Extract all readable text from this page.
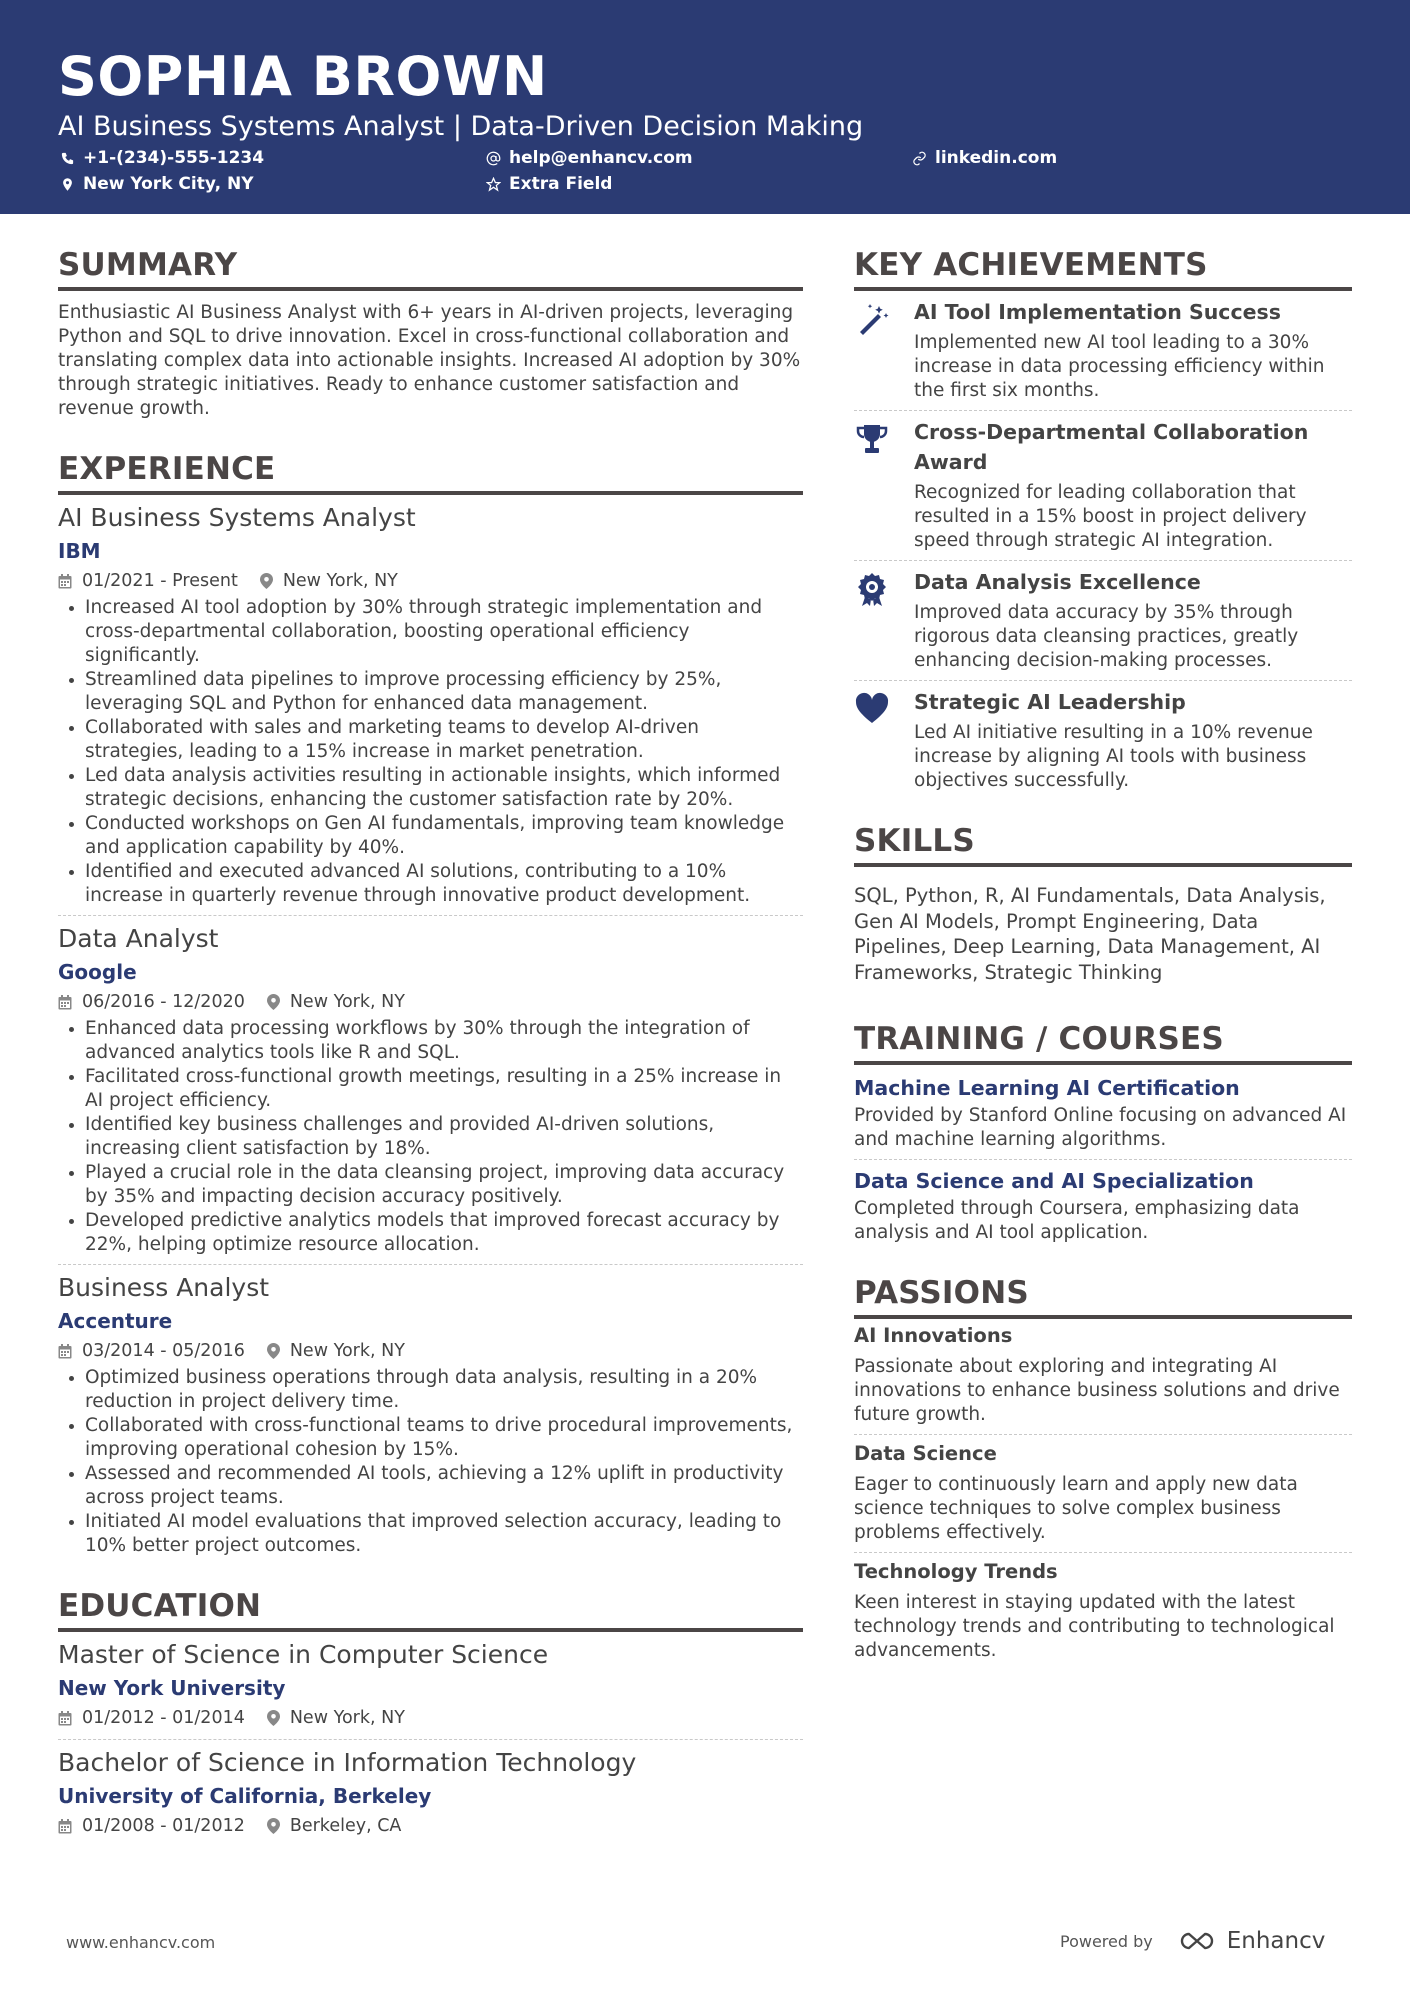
SOPHIA BROWN
AI Business Systems Analyst | Data-Driven Decision Making
+1-(234)-555-1234	help@enhancv.com	linkedin.com
New York City, NY	Extra Field
SUMMARY

Enthusiastic AI Business Analyst with 6+ years in AI-driven projects, leveraging Python and SQL to drive innovation. Excel in cross-functional collaboration and translating complex data into actionable insights. Increased AI adoption by 30% through strategic initiatives. Ready to enhance customer satisfaction and revenue growth.

EXPERIENCE
AI Business Systems Analyst
IBM
01/2021 - Present	New York, NY
Increased AI tool adoption by 30% through strategic implementation and cross-departmental collaboration, boosting operational efficiency significantly.
Streamlined data pipelines to improve processing efficiency by 25%, leveraging SQL and Python for enhanced data management.
Collaborated with sales and marketing teams to develop AI-driven strategies, leading to a 15% increase in market penetration.
Led data analysis activities resulting in actionable insights, which informed strategic decisions, enhancing the customer satisfaction rate by 20%.
Conducted workshops on Gen AI fundamentals, improving team knowledge and application capability by 40%.
Identified and executed advanced AI solutions, contributing to a 10% increase in quarterly revenue through innovative product development.
Data Analyst
Google
06/2016 - 12/2020	New York, NY
Enhanced data processing workflows by 30% through the integration of advanced analytics tools like R and SQL.
Facilitated cross-functional growth meetings, resulting in a 25% increase in AI project efficiency.
Identified key business challenges and provided AI-driven solutions, increasing client satisfaction by 18%.
Played a crucial role in the data cleansing project, improving data accuracy by 35% and impacting decision accuracy positively.
Developed predictive analytics models that improved forecast accuracy by 22%, helping optimize resource allocation.
Business Analyst
Accenture
03/2014 - 05/2016	New York, NY
Optimized business operations through data analysis, resulting in a 20% reduction in project delivery time.
Collaborated with cross-functional teams to drive procedural improvements, improving operational cohesion by 15%.
Assessed and recommended AI tools, achieving a 12% uplift in productivity across project teams.
Initiated AI model evaluations that improved selection accuracy, leading to 10% better project outcomes.
EDUCATION
Master of Science in Computer Science
New York University
01/2012 - 01/2014	New York, NY
Bachelor of Science in Information Technology
University of California, Berkeley
01/2008 - 01/2012	Berkeley, CA
KEY ACHIEVEMENTS
AI Tool Implementation Success
Implemented new AI tool leading to a 30% increase in data processing efficiency within the first six months.
Cross-Departmental Collaboration Award
Recognized for leading collaboration that resulted in a 15% boost in project delivery speed through strategic AI integration.
Data Analysis Excellence
Improved data accuracy by 35% through rigorous data cleansing practices, greatly enhancing decision-making processes.
Strategic AI Leadership
Led AI initiative resulting in a 10% revenue increase by aligning AI tools with business objectives successfully.
SKILLS

SQL, Python, R, AI Fundamentals, Data Analysis, Gen AI Models, Prompt Engineering, Data Pipelines, Deep Learning, Data Management, AI Frameworks, Strategic Thinking

TRAINING / COURSES
Machine Learning AI Certification
Provided by Stanford Online focusing on advanced AI and machine learning algorithms.
Data Science and AI Specialization
Completed through Coursera, emphasizing data analysis and AI tool application.
PASSIONS
AI Innovations
Passionate about exploring and integrating AI innovations to enhance business solutions and drive future growth.
Data Science
Eager to continuously learn and apply new data science techniques to solve complex business problems effectively.
Technology Trends
Keen interest in staying updated with the latest technology trends and contributing to technological advancements.
www.enhancv.com	Powered by	Enhancv
